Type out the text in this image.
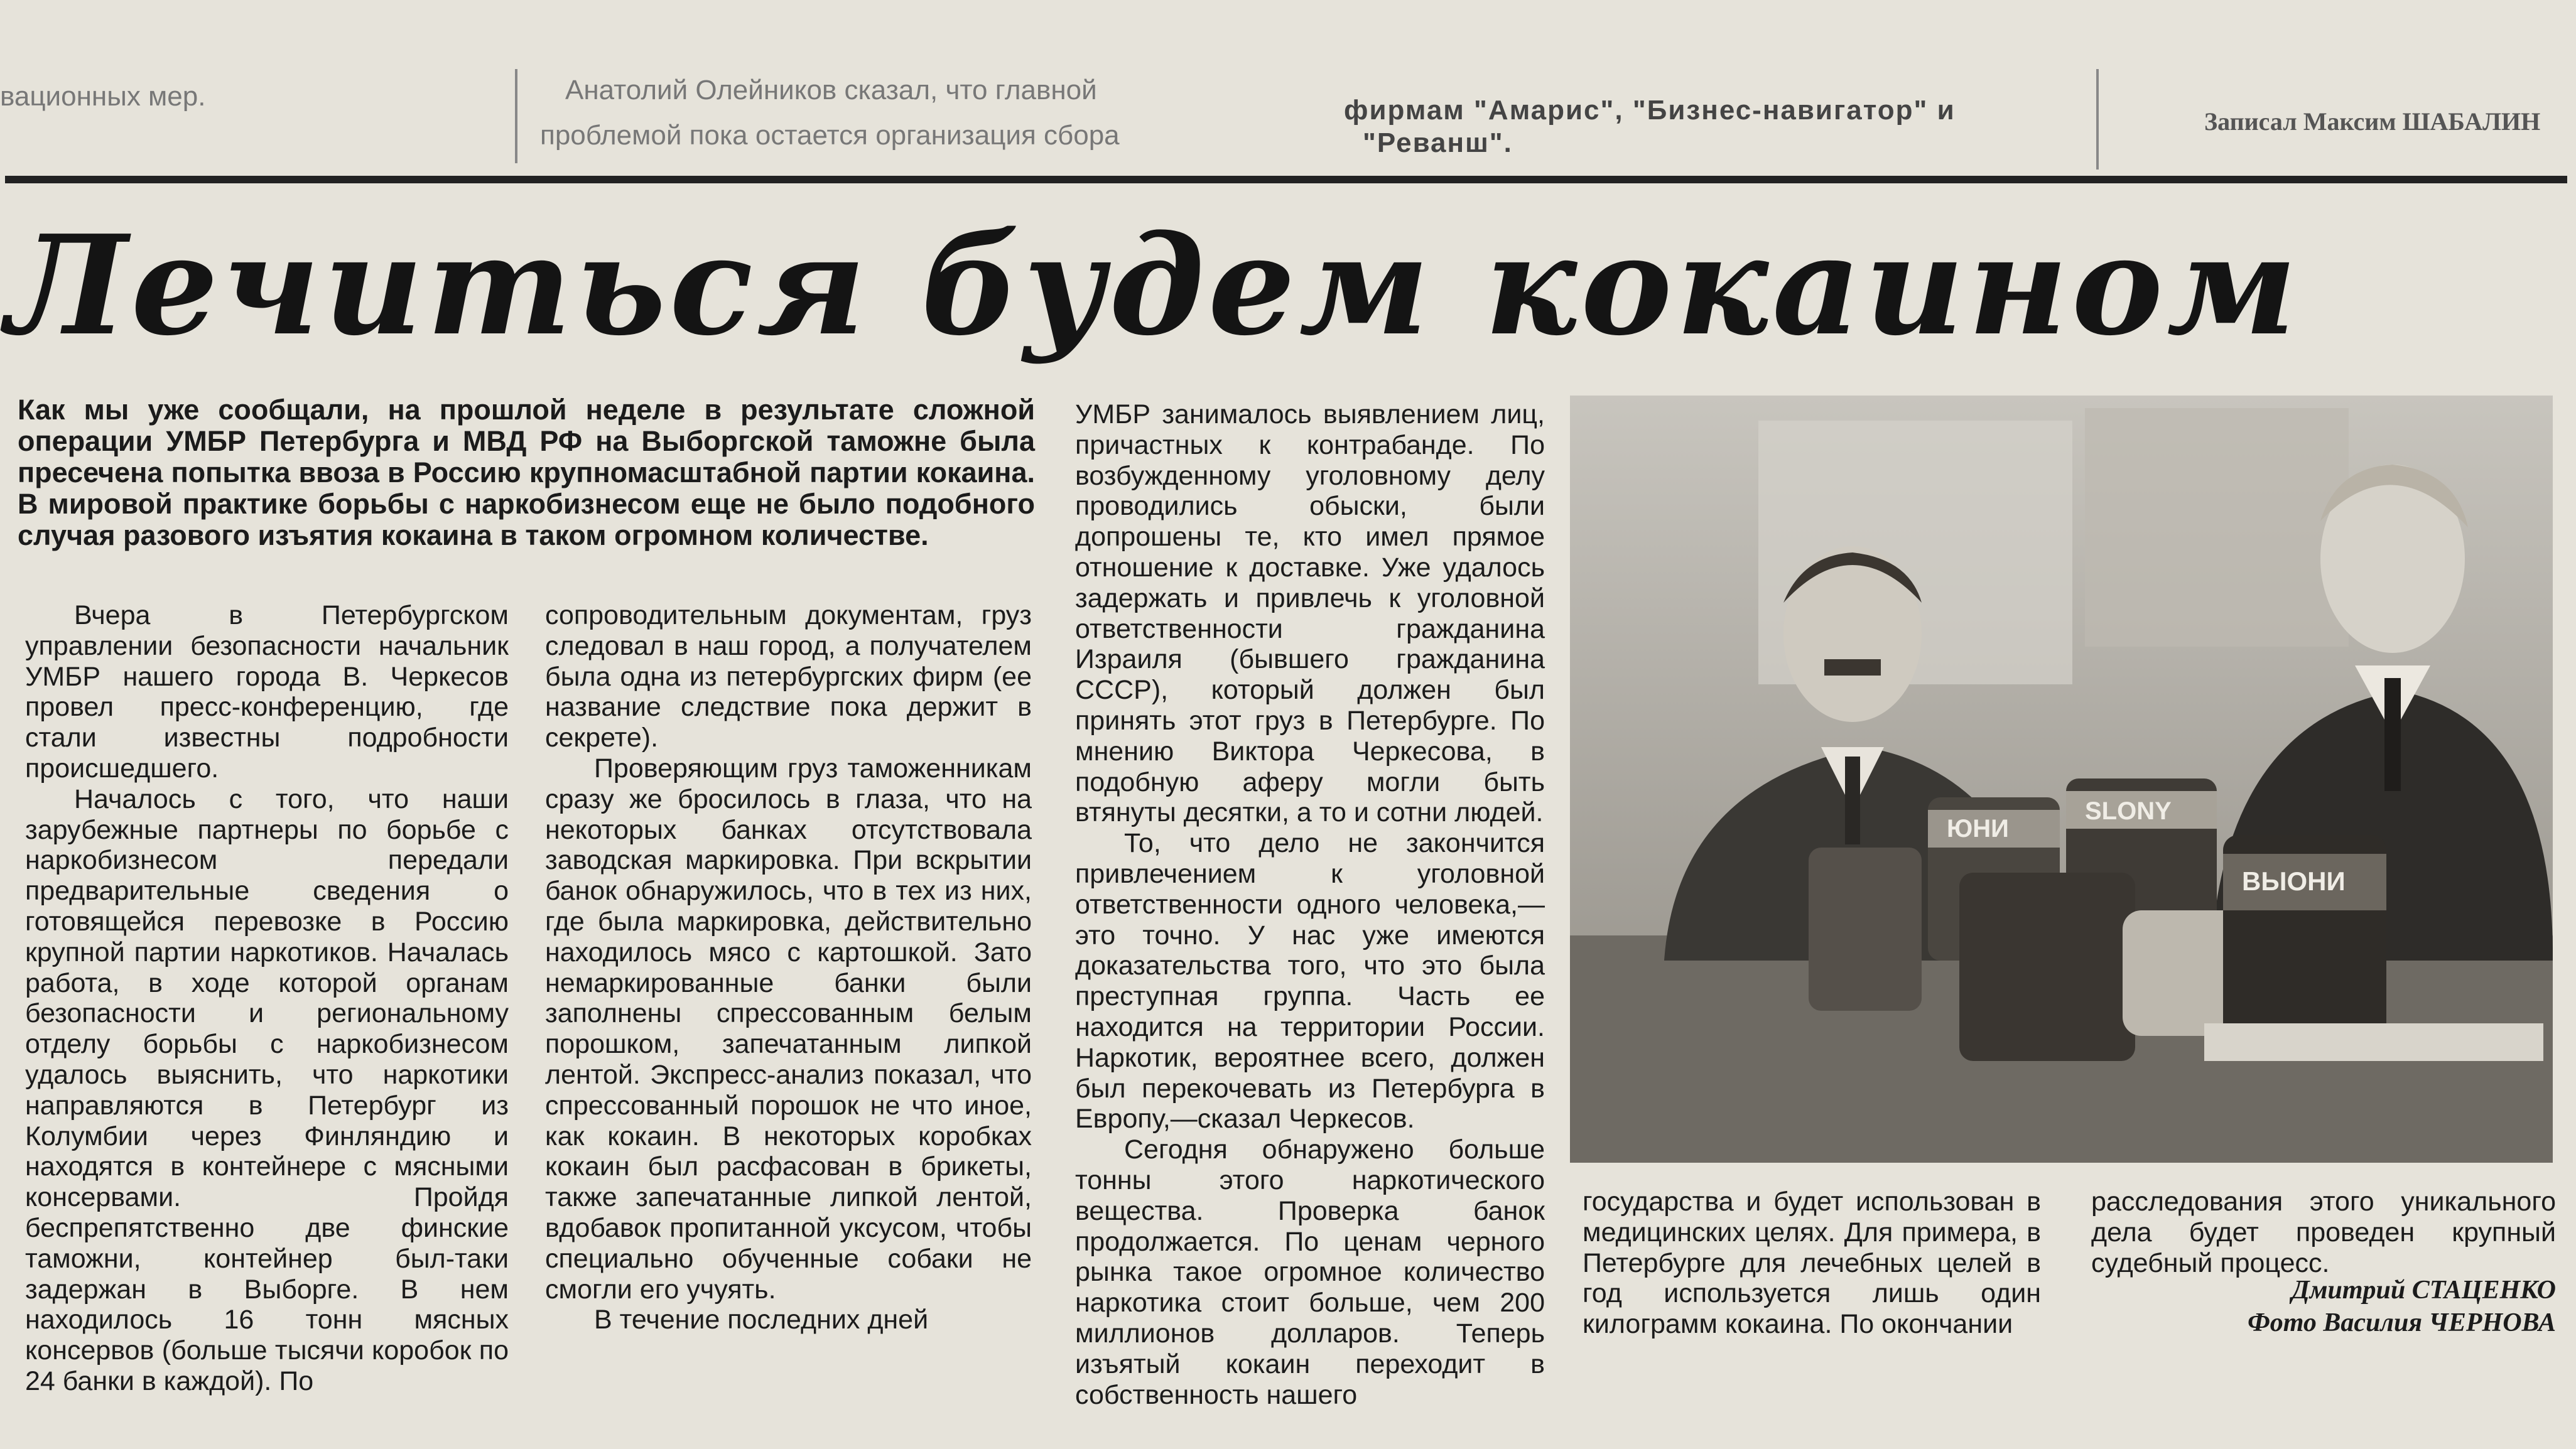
вационных мер.	Анатолий Олейников сказал, что главной
проблемой пока остается организация сбора
фирмам "Амарис", "Бизнес-навигатор" и
"Реванш".
Записал Максим ШАБАЛИН
Лечиться будем кокаином
Как мы уже сообщали, на прошлой неделе в результате сложной операции УМБР Петербурга и МВД РФ на Выборгской таможне была пресечена попытка ввоза в Россию крупномасштабной партии кокаина. В мировой практике борьбы с наркобизнесом еще не было подобного случая разового изъятия кокаина в таком огромном количестве.

Вчера в Петербургском управлении безопасности начальник УМБР нашего города В. Черкесов провел пресс-конференцию, где стали известны подробности происшедшего.

Началось с того, что наши зарубежные партнеры по борьбе с наркобизнесом передали предварительные сведения о готовящейся перевозке в Россию крупной партии наркотиков. Началась работа, в ходе которой органам безопасности и региональному отделу борьбы с наркобизнесом удалось выяснить, что наркотики направляются в Петербург из Колумбии через Финляндию и находятся в контейнере с мясными консервами. Пройдя беспрепятственно две финские таможни, контейнер был-таки задержан в Выборге. В нем находилось 16 тонн мясных консервов (больше тысячи коробок по 24 банки в каждой). По

сопроводительным документам, груз следовал в наш город, а получателем была одна из петербургских фирм (ее название следствие пока держит в секрете).

Проверяющим груз таможенникам сразу же бросилось в глаза, что на некоторых банках отсутствовала заводская маркировка. При вскрытии банок обнаружилось, что в тех из них, где была маркировка, действительно находилось мясо с картошкой. Зато немаркированные банки были заполнены спрессованным белым порошком, запечатанным липкой лентой. Экспресс-анализ показал, что спрессованный порошок не что иное, как кокаин. В некоторых коробках кокаин был расфасован в брикеты, также запечатанные липкой лентой, вдобавок пропитанной уксусом, чтобы специально обученные собаки не смогли его учуять.

В течение последних дней

УМБР занималось выявлением лиц, причастных к контрабанде. По возбужденному уголовному делу проводились обыски, были допрошены те, кто имел прямое отношение к доставке. Уже удалось задержать и привлечь к уголовной ответственности гражданина Израиля (бывшего гражданина СССР), который должен был принять этот груз в Петербурге. По мнению Виктора Черкесова, в подобную аферу могли быть втянуты десятки, а то и сотни людей.

То, что дело не закончится привлечением к уголовной ответственности одного человека,—это точно. У нас уже имеются доказательства того, что это была преступная группа. Часть ее находится на территории России. Наркотик, вероятнее всего, должен был перекочевать из Петербурга в Европу,—сказал Черкесов.

Сегодня обнаружено больше тонны этого наркотического вещества. Проверка банок продолжается. По ценам черного рынка такое огромное количество наркотика стоит больше, чем 200 миллионов долларов. Теперь изъятый кокаин переходит в собственность нашего

ЮНИ
SLONY
ВЫОНИ
государства и будет использован в медицинских целях. Для примера, в Петербурге для лечебных целей в год используется лишь один килограмм кокаина. По окончании
расследования этого уникального дела будет проведен крупный судебный процесс.
Дмитрий СТАЦЕНКО
Фото Василия ЧЕРНОВА
